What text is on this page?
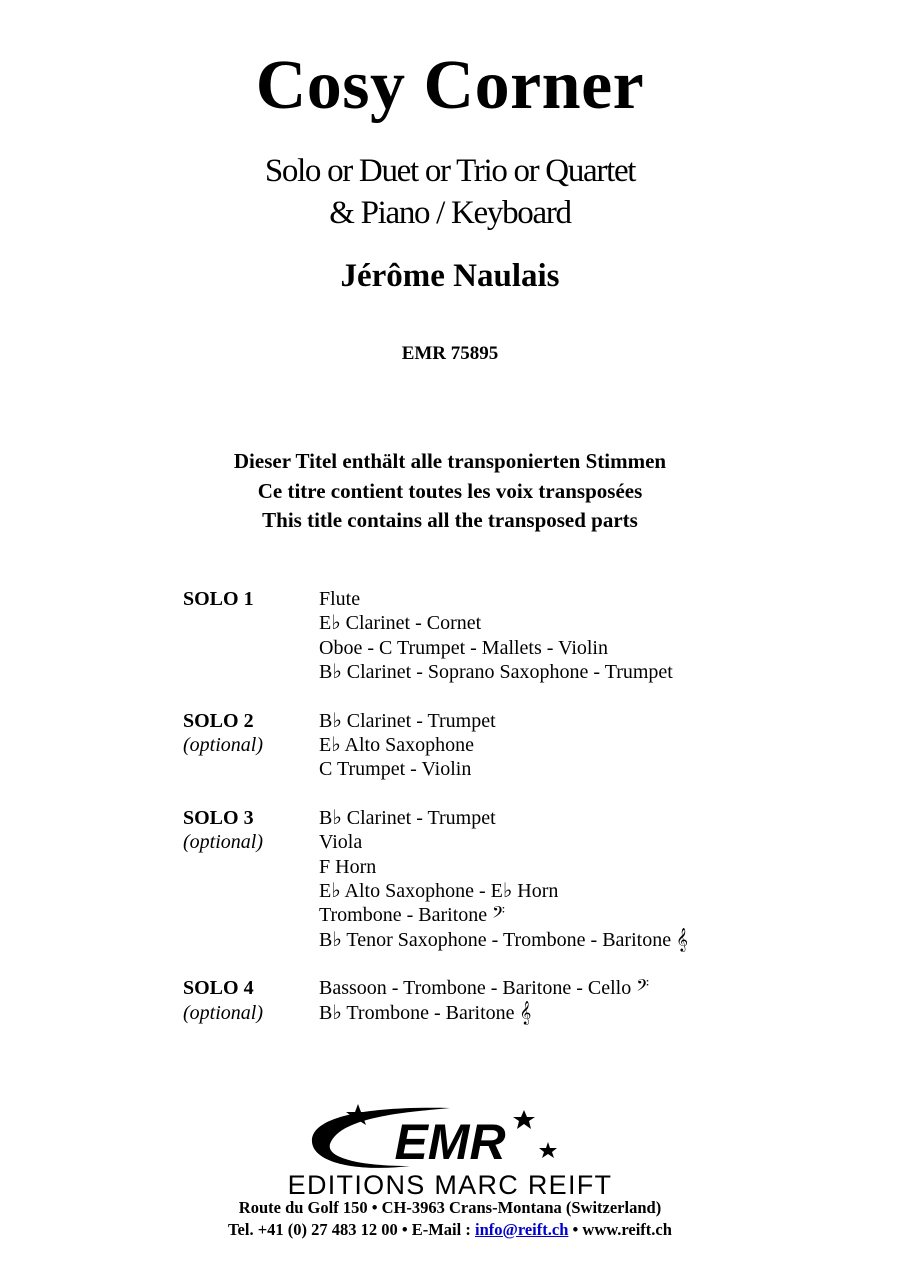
Cosy Corner
Solo or Duet or Trio or Quartet
& Piano / Keyboard
Jérôme Naulais
EMR 75895
Dieser Titel enthält alle transponierten Stimmen
Ce titre contient toutes les voix transposées
This title contains all the transposed parts
SOLO 1	Flute
E♭ Clarinet - Cornet
Oboe - C Trumpet - Mallets - Violin
B♭ Clarinet - Soprano Saxophone - Trumpet
SOLO 2
(optional)
B♭ Clarinet - Trumpet
E♭ Alto Saxophone
C Trumpet - Violin
SOLO 3
(optional)
B♭ Clarinet - Trumpet
Viola
F Horn
E♭ Alto Saxophone - E♭ Horn
Trombone - Baritone 𝄢
B♭ Tenor Saxophone - Trombone - Baritone 𝄞
SOLO 4
(optional)
Bassoon - Trombone - Baritone - Cello 𝄢
B♭ Trombone - Baritone 𝄞
EMR
EDITIONS MARC REIFT
Route du Golf 150 • CH-3963 Crans-Montana (Switzerland)
Tel. +41 (0) 27 483 12 00 • E-Mail : info@reift.ch • www.reift.ch
